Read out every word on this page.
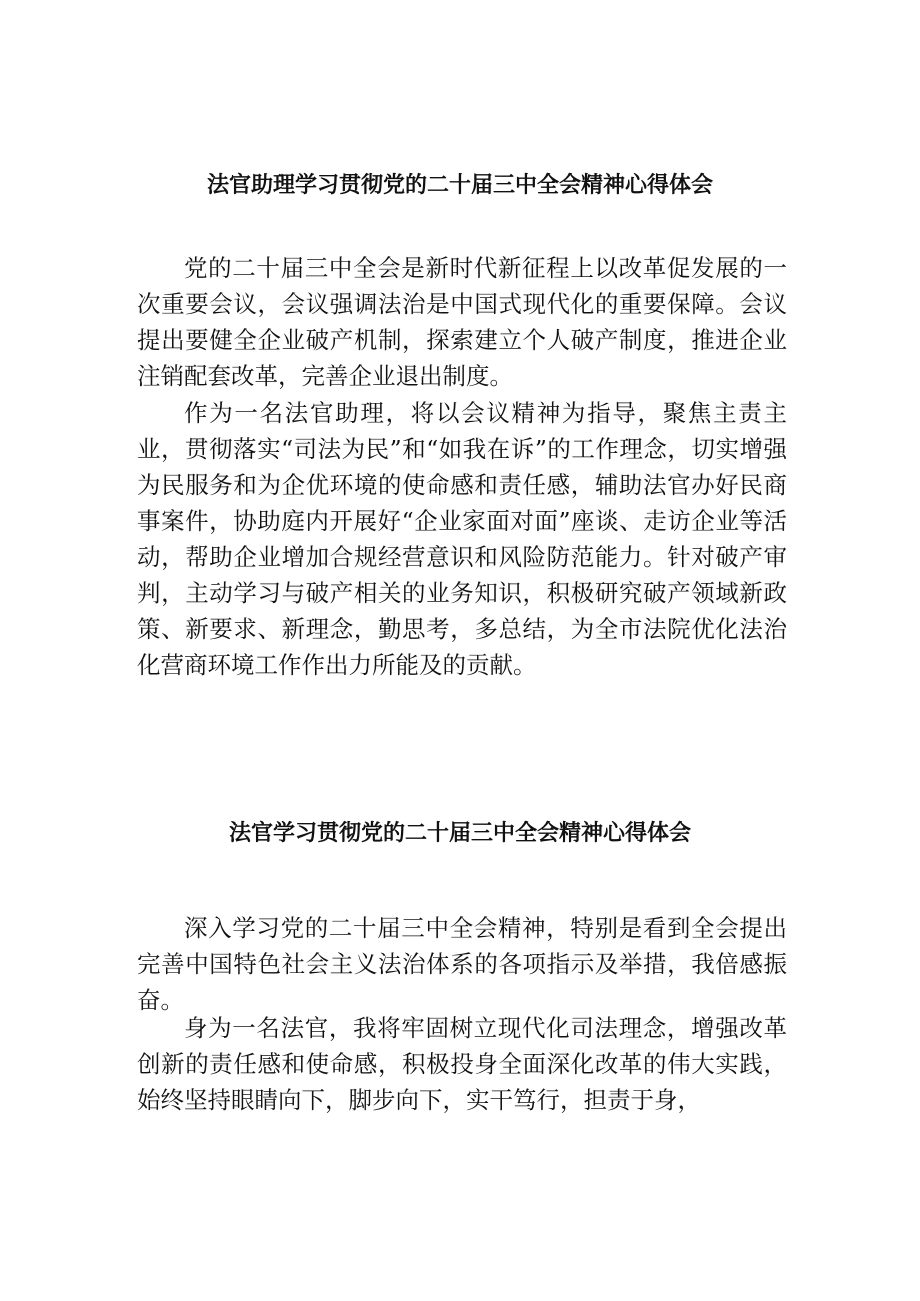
法官助理学习贯彻党的二十届三中全会精神心得体会

党的二十届三中全会是新时代新征程上以改革促发展的一次重要会议，会议强调法治是中国式现代化的重要保障。会议提出要健全企业破产机制，探索建立个人破产制度，推进企业注销配套改革，完善企业退出制度。

作为一名法官助理，将以会议精神为指导，聚焦主责主业，贯彻落实“司法为民”和“如我在诉”的工作理念，切实增强为民服务和为企优环境的使命感和责任感，辅助法官办好民商事案件，协助庭内开展好“企业家面对面”座谈、走访企业等活动，帮助企业增加合规经营意识和风险防范能力。针对破产审判，主动学习与破产相关的业务知识，积极研究破产领域新政策、新要求、新理念，勤思考，多总结，为全市法院优化法治化营商环境工作作出力所能及的贡献。

法官学习贯彻党的二十届三中全会精神心得体会

深入学习党的二十届三中全会精神，特别是看到全会提出完善中国特色社会主义法治体系的各项指示及举措，我倍感振奋。

身为一名法官，我将牢固树立现代化司法理念，增强改革创新的责任感和使命感，积极投身全面深化改革的伟大实践，始终坚持眼睛向下，脚步向下，实干笃行，担责于身，
